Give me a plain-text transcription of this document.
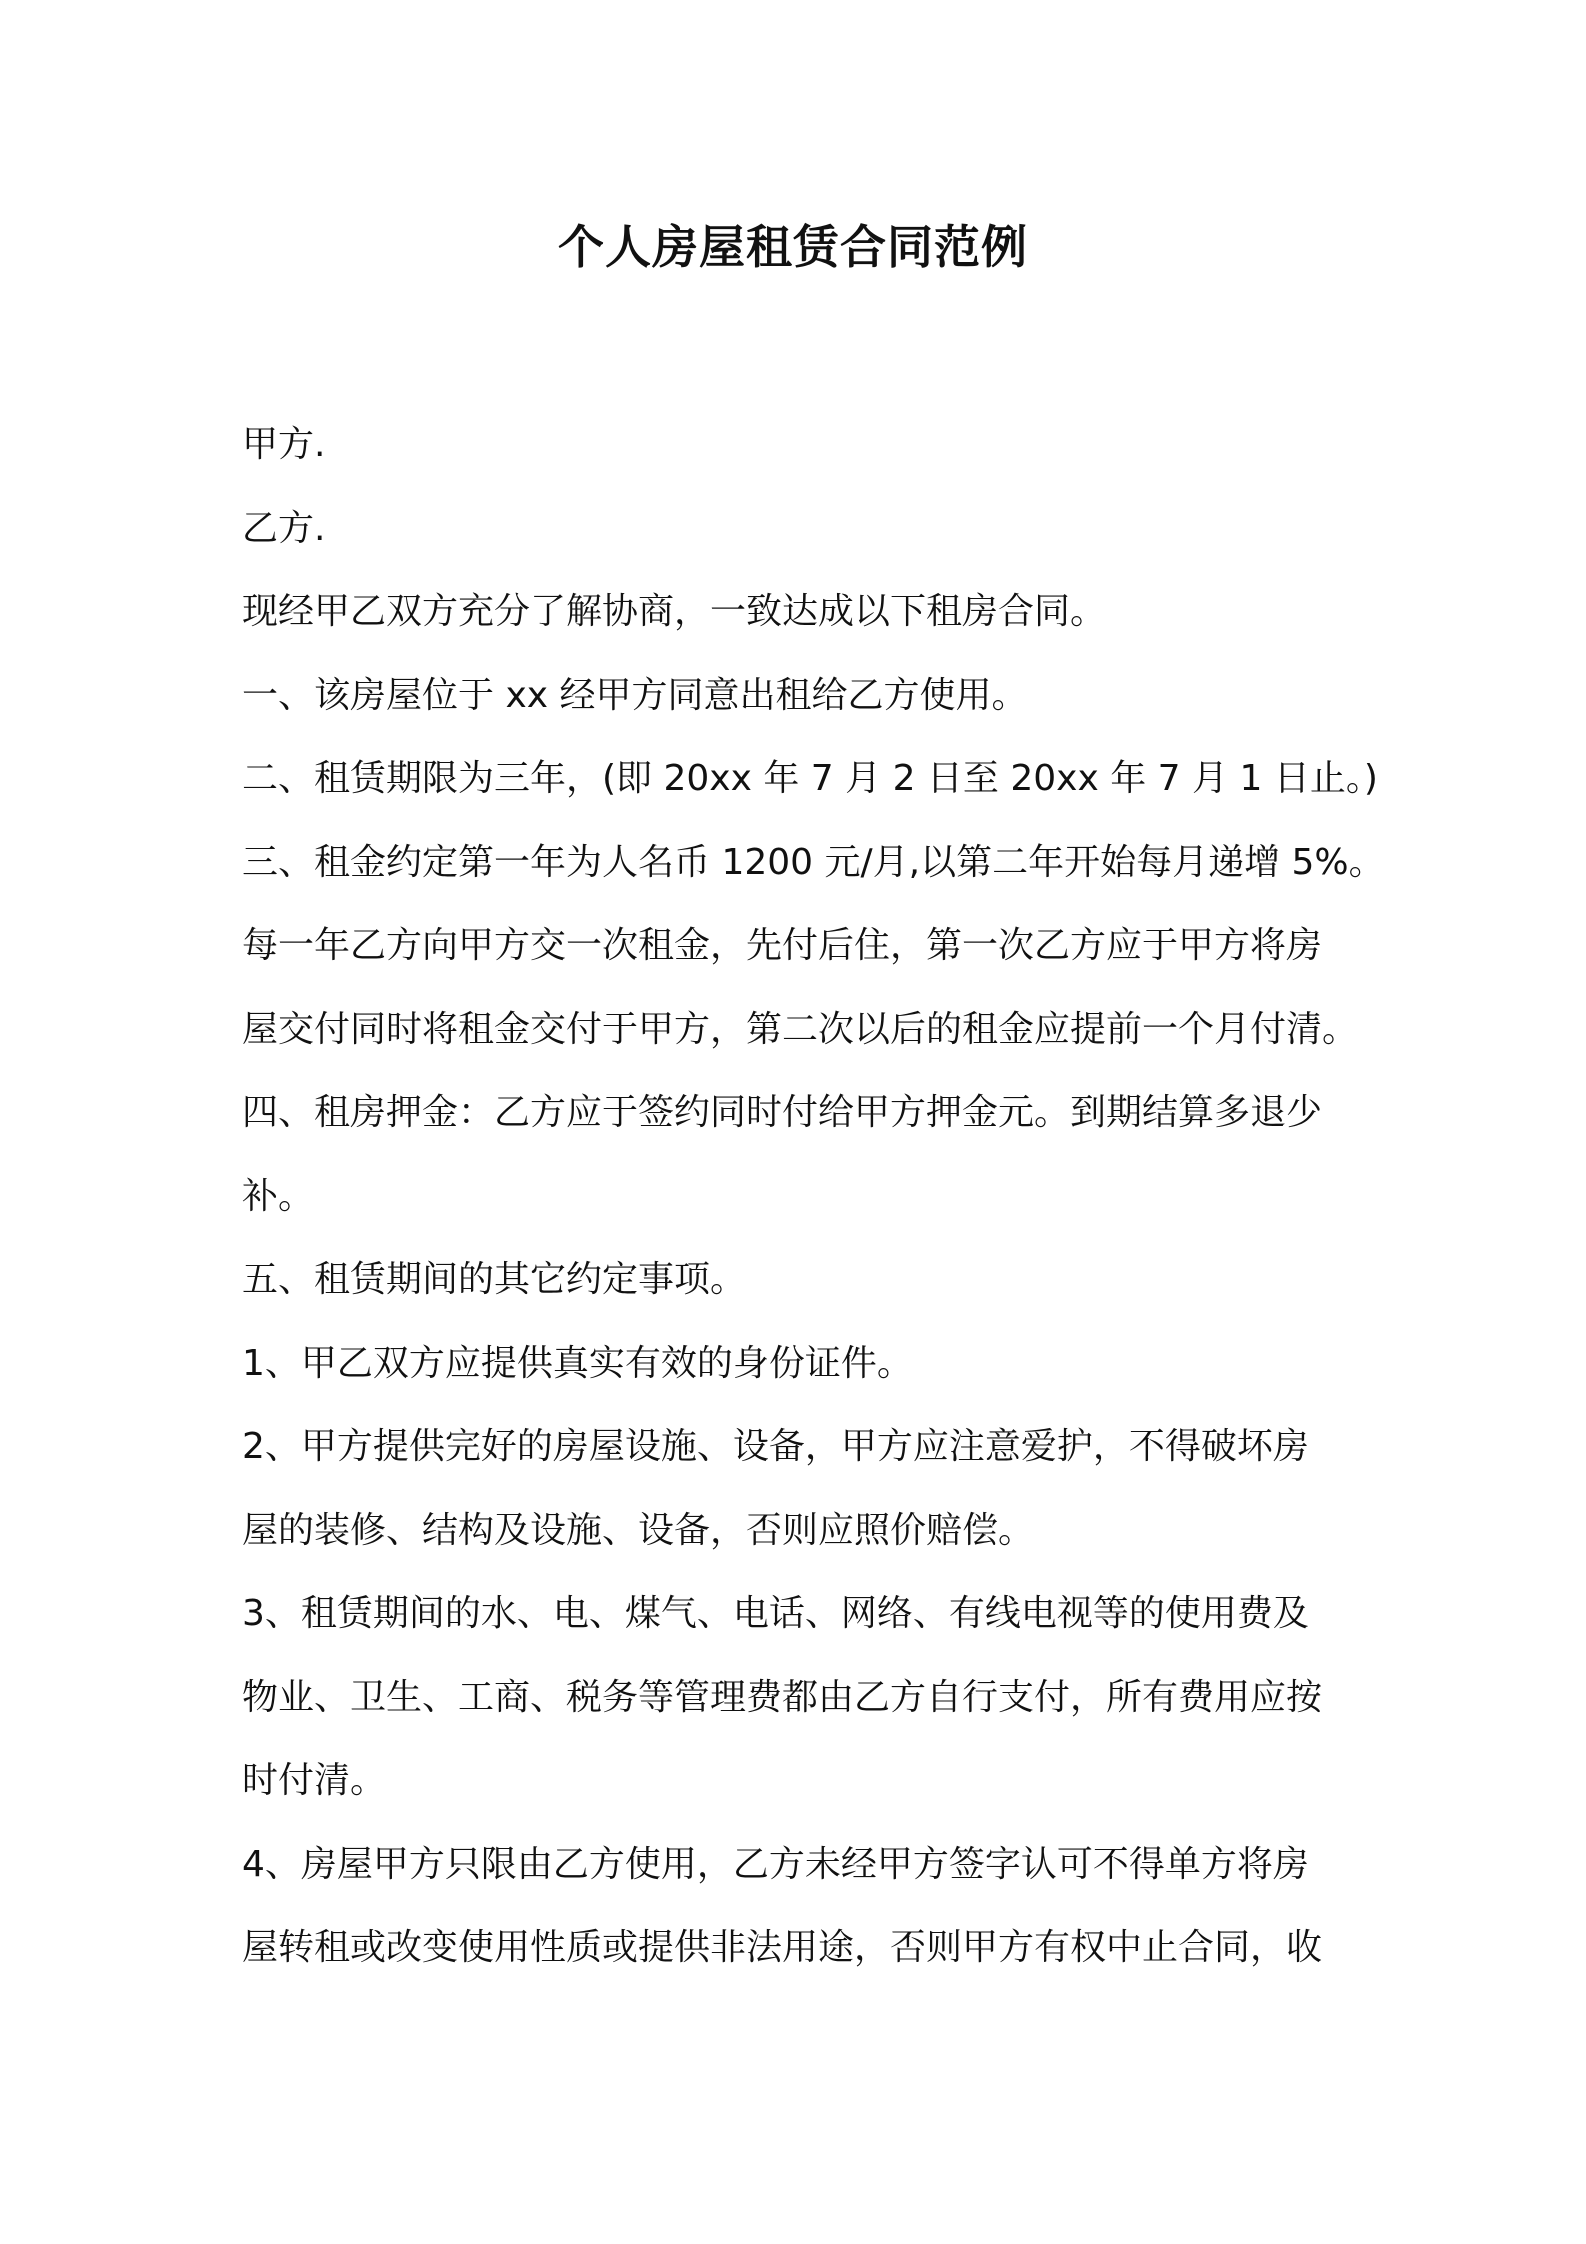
个人房屋租赁合同范例

甲方.

乙方.

现经甲乙双方充分了解协商，一致达成以下租房合同。

一、该房屋位于 xx 经甲方同意出租给乙方使用。

二、租赁期限为三年，(即 20xx 年 7 月 2 日至 20xx 年 7 月 1 日止。)

三、租金约定第一年为人名币 1200 元/月,以第二年开始每月递增 5%。

每一年乙方向甲方交一次租金，先付后住，第一次乙方应于甲方将房

屋交付同时将租金交付于甲方，第二次以后的租金应提前一个月付清。

四、租房押金：乙方应于签约同时付给甲方押金元。到期结算多退少

补。

五、租赁期间的其它约定事项。

1、甲乙双方应提供真实有效的身份证件。

2、甲方提供完好的房屋设施、设备，甲方应注意爱护，不得破坏房

屋的装修、结构及设施、设备，否则应照价赔偿。

3、租赁期间的水、电、煤气、电话、网络、有线电视等的使用费及

物业、卫生、工商、税务等管理费都由乙方自行支付，所有费用应按

时付清。

4、房屋甲方只限由乙方使用，乙方未经甲方签字认可不得单方将房

屋转租或改变使用性质或提供非法用途，否则甲方有权中止合同，收
